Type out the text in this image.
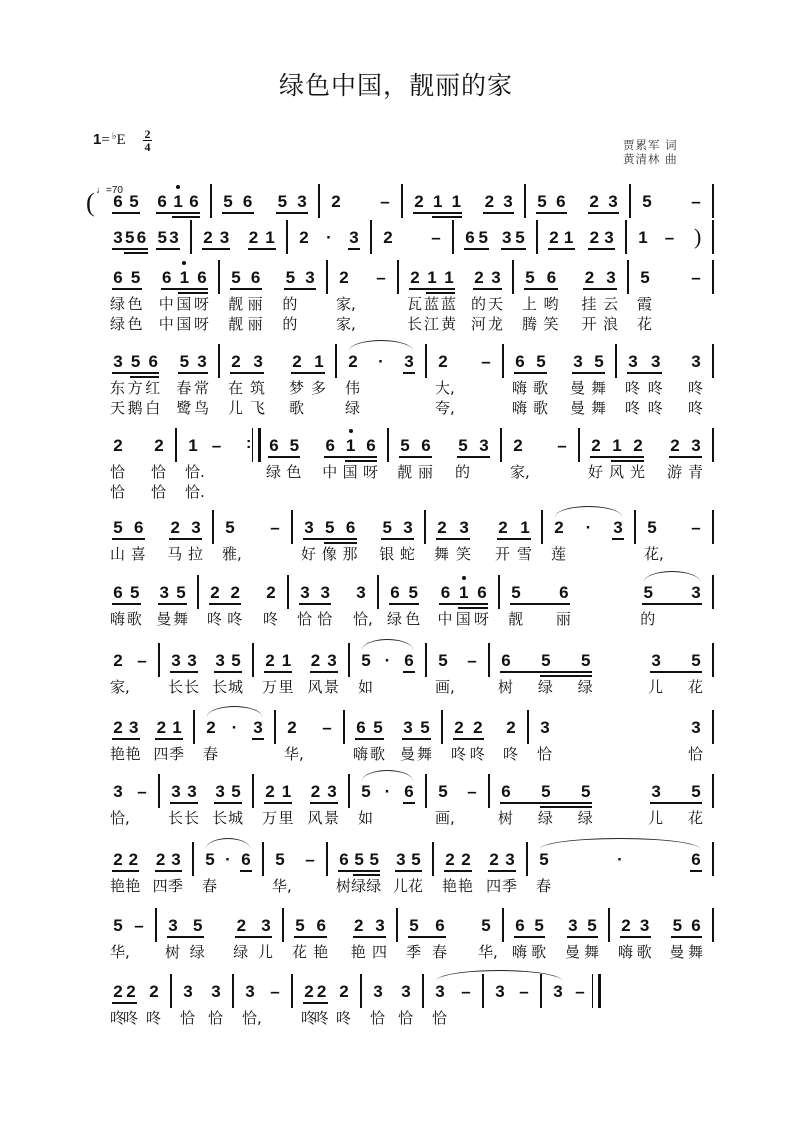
绿色中国，靓丽的家
1= ♭E 2
4	贾累军 词
黄清林 曲
♩=70
( 6 5 6 1 6 5 6 5 3 2 – 2 1 1 2 3 5 6 2 3 5 –
3 5 6 5 3 2 3 2 1 2 · 3 2 – 6 5 3 5 2 1 2 3 1 – )
6
绿
绿
5
色
色
6
中
中
1
国
国
6
呀
呀
5
靓
靓
6
丽
丽
5
的
的
3 2
家,
家,
– 2
瓦
长
1
蓝
江
1
蓝
黄
2
的
河
3
天
龙
5
上
腾
6
哟
笑
2
挂
开
3
云
浪
5
霞
花
–
3
东
天
5
方
鹅
6
红
白
5
春
鹭
3
常
鸟
2
在
儿
3
筑
飞
2
梦
歌
1
多
2
伟
绿
· 3 2
大,
夸,
– 6
嗨
嗨
5
歌
歌
3
曼
曼
5
舞
舞
3
咚
咚
3
咚
咚
3
咚
咚
2
恰
恰
2
恰
恰
1
恰.
恰.
– : 6
绿
5
色
6
中
1
国
6
呀
5
靓
6
丽
5
的
3 2
家,
– 2
好
1
风
2
光
2
游
3
青
5
山
6
喜
2
马
3
拉
5
雅,
– 3
好
5
像
6
那
5
银
3
蛇
2
舞
3
笑
2
开
1
雪
2
莲
· 3 5
花,
–
6
嗨
5
歌
3
曼
5
舞
2
咚
2
咚
2
咚
3
恰
3
恰
3
恰,
6
绿
5
色
6
中
1
国
6
呀
5
靓
6
丽
5
的
3
2
家,
– 3
长
3
长
3
长
5
城
2
万
1
里
2
风
3
景
5
如
· 6 5
画,
– 6
树
5
绿
5
绿
3
儿
5
花
2
艳
3
艳
2
四
1
季
2
春
· 3 2
华,
– 6
嗨
5
歌
3
曼
5
舞
2
咚
2
咚
2
咚
3
恰
3
恰
3
恰,
– 3
长
3
长
3
长
5
城
2
万
1
里
2
风
3
景
5
如
· 6 5
画,
– 6
树
5
绿
5
绿
3
儿
5
花
2
艳
2
艳
2
四
3
季
5
春
· 6 5
华,
– 6
树
5
绿
5
绿
3
儿
5
花
2
艳
2
艳
2
四
3
季
5
春
·	6
5
华,
– 3
树
5
绿
2
绿
3
儿
5
花
6
艳
2
艳
3
四
5
季
6
春
5
华,
6
嗨
5
歌
3
曼
5
舞
2
嗨
3
歌
5
曼
6
舞
2
咚
2
咚
2
咚
3
恰
3
恰
3
恰,
– 2
咚
2
咚
2
咚
3
恰
3
恰
3
恰
– 3 – 3 –
